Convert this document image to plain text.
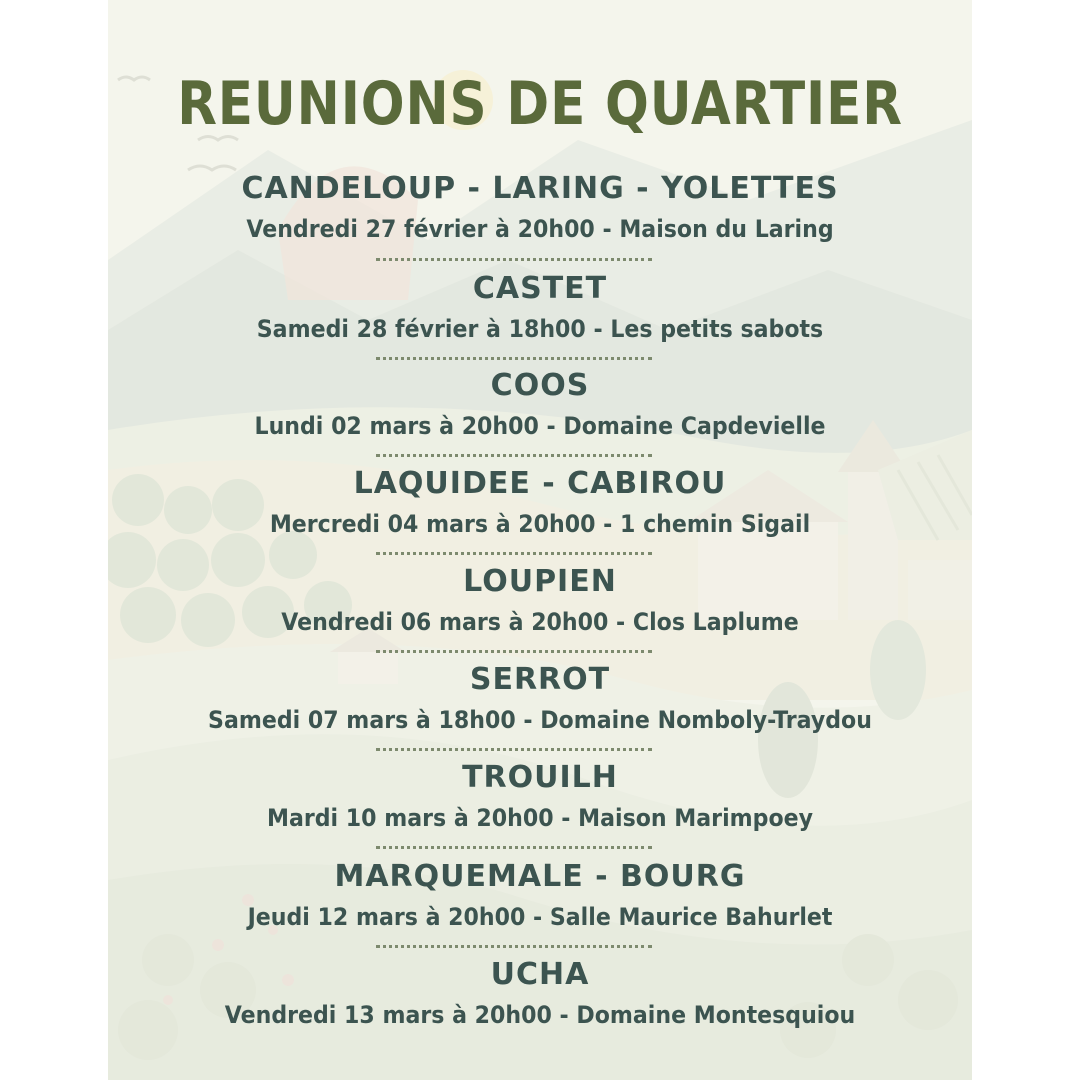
REUNIONS DE QUARTIER
CANDELOUP - LARING - YOLETTES
Vendredi 27 février à 20h00 - Maison du Laring
CASTET
Samedi 28 février à 18h00 - Les petits sabots
COOS
Lundi 02 mars à 20h00 - Domaine Capdevielle
LAQUIDEE - CABIROU
Mercredi 04 mars à 20h00 - 1 chemin Sigail
LOUPIEN
Vendredi 06 mars à 20h00 - Clos Laplume
SERROT
Samedi 07 mars à 18h00 - Domaine Nomboly-Traydou
TROUILH
Mardi 10 mars à 20h00 - Maison Marimpoey
MARQUEMALE - BOURG
Jeudi 12 mars à 20h00 - Salle Maurice Bahurlet
UCHA
Vendredi 13 mars à 20h00 - Domaine Montesquiou
